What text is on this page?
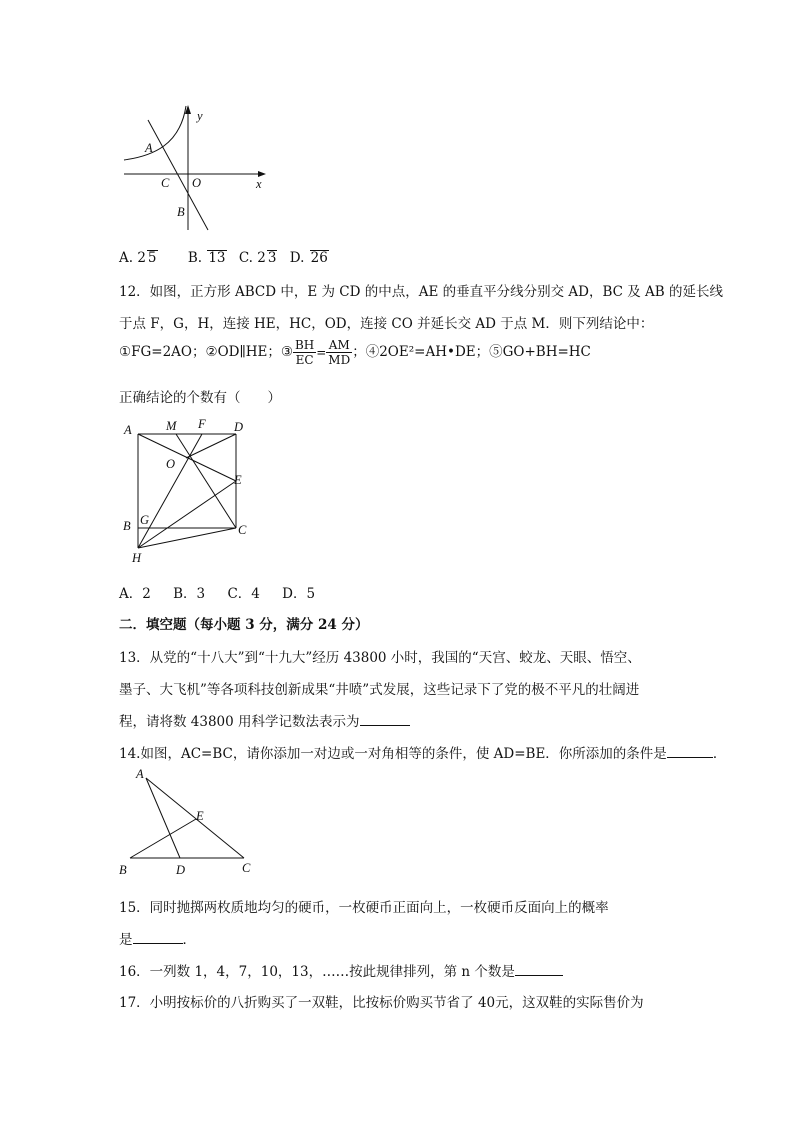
y
x
A
C O
B
A. 2 5 B. 13 C. 2 3 D. 26
12．如图，正方形 ABCD 中，E 为 CD 的中点，AE 的垂直平分线分别交 AD，BC 及 AB 的延长线
于点 F，G，H，连接 HE，HC，OD，连接 CO 并延长交 AD 于点 M．则下列结论中：
①FG=2AO；②OD∥HE；③ $\frac{BH}{EC} = \frac{AM}{MD}$ ；④2OE²=AH•DE；⑤GO+BH=HC
正确结论的个数有（　　）
A	M F D
O
E
B G
C
H
A．2 B．3 C．4 D．5
二．填空题（每小题 3 分，满分 24 分）
13．从党的“十八大”到“十九大”经历 43800 小时，我国的“天宫、蛟龙、天眼、悟空、
墨子、大飞机”等各项科技创新成果“井喷”式发展，这些记录下了党的极不平凡的壮阔进
程，请将数 43800 用科学记数法表示为
14.如图，AC=BC，请你添加一对边或一对角相等的条件，使 AD=BE．你所添加的条件是	．
A
E
B	D	C
15．同时抛掷两枚质地均匀的硬币，一枚硬币正面向上，一枚硬币反面向上的概率
是	．
16．一列数 1，4，7，10，13，……按此规律排列，第 n 个数是
17．小明按标价的八折购买了一双鞋，比按标价购买节省了 40元，这双鞋的实际售价为
